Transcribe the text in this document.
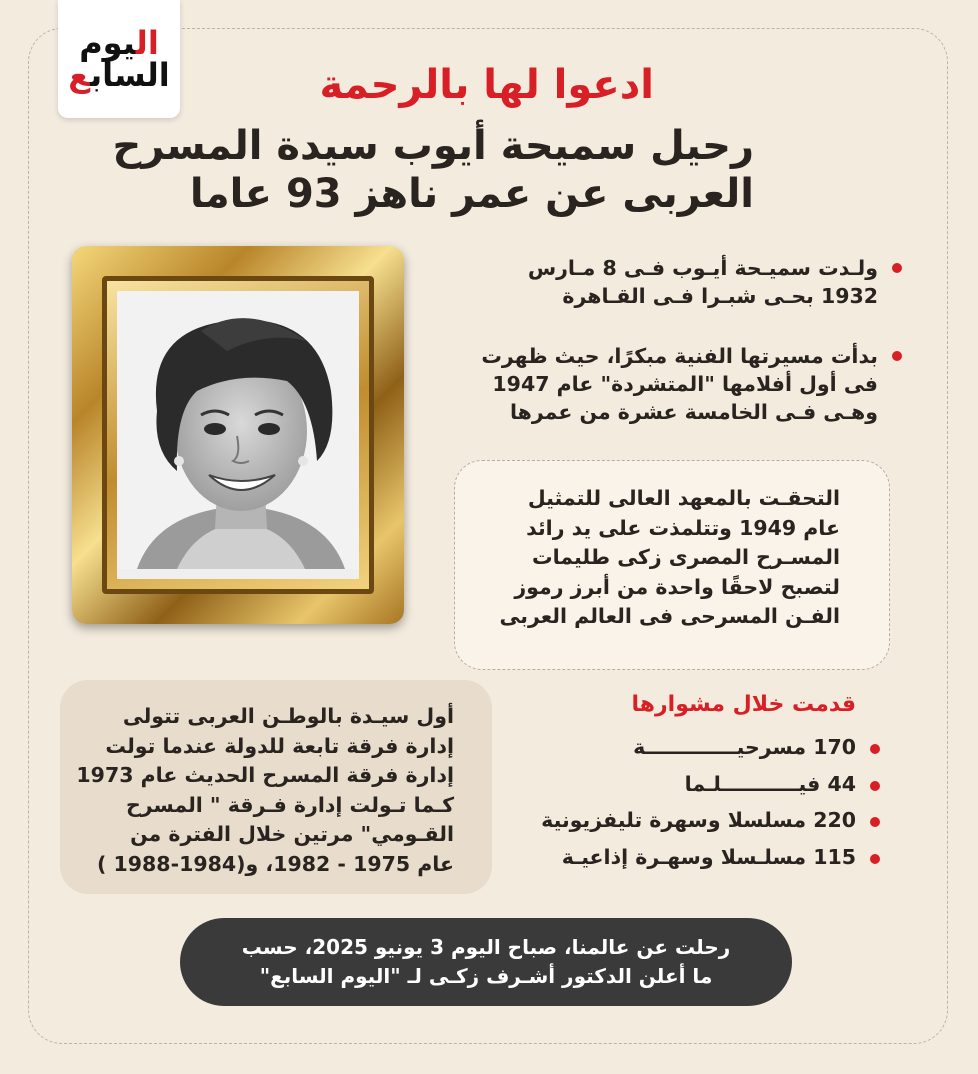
اليوم
السابع	ادعوا لها بالرحمة
رحيل سميحة أيوب سيدة المسرح
العربى عن عمر ناهز 93 عاما
ولـدت سميـحة أيـوب فـى 8 مـارس
1932 بحـى شبـرا فـى القـاهرة
بدأت مسيرتها الفنية مبكرًا، حيث ظهرت
فى أول أفلامها "المتشردة" عام 1947
وهـى فـى الخامسة عشرة من عمرها
التحقـت بالمعهد العالى للتمثيل
عام 1949 وتتلمذت على يد رائد
المسـرح المصرى زكى طليمات
لتصبح لاحقًا واحدة من أبرز رموز
الفـن المسرحى فى العالم العربى
أول سيـدة بالوطـن العربى تتولى
إدارة فرقة تابعة للدولة عندما تولت
إدارة فرقة المسرح الحديث عام 1973
كـما تـولت إدارة فـرقة " المسرح
القـومي" مرتين خلال الفترة من
عام 1975 - 1982، و(1984-1988 )
قدمت خلال مشوارها
170 مسرحيـــــــــــــة
44 فيـــــــــــلـما
220 مسلسلا وسهرة تليفزيونية
115 مسلـسلا وسهـرة إذاعيـة
رحلت عن عالمنا، صباح اليوم 3 يونيو 2025، حسب
ما أعلن الدكتور أشـرف زكـى لـ "اليوم السابع"
